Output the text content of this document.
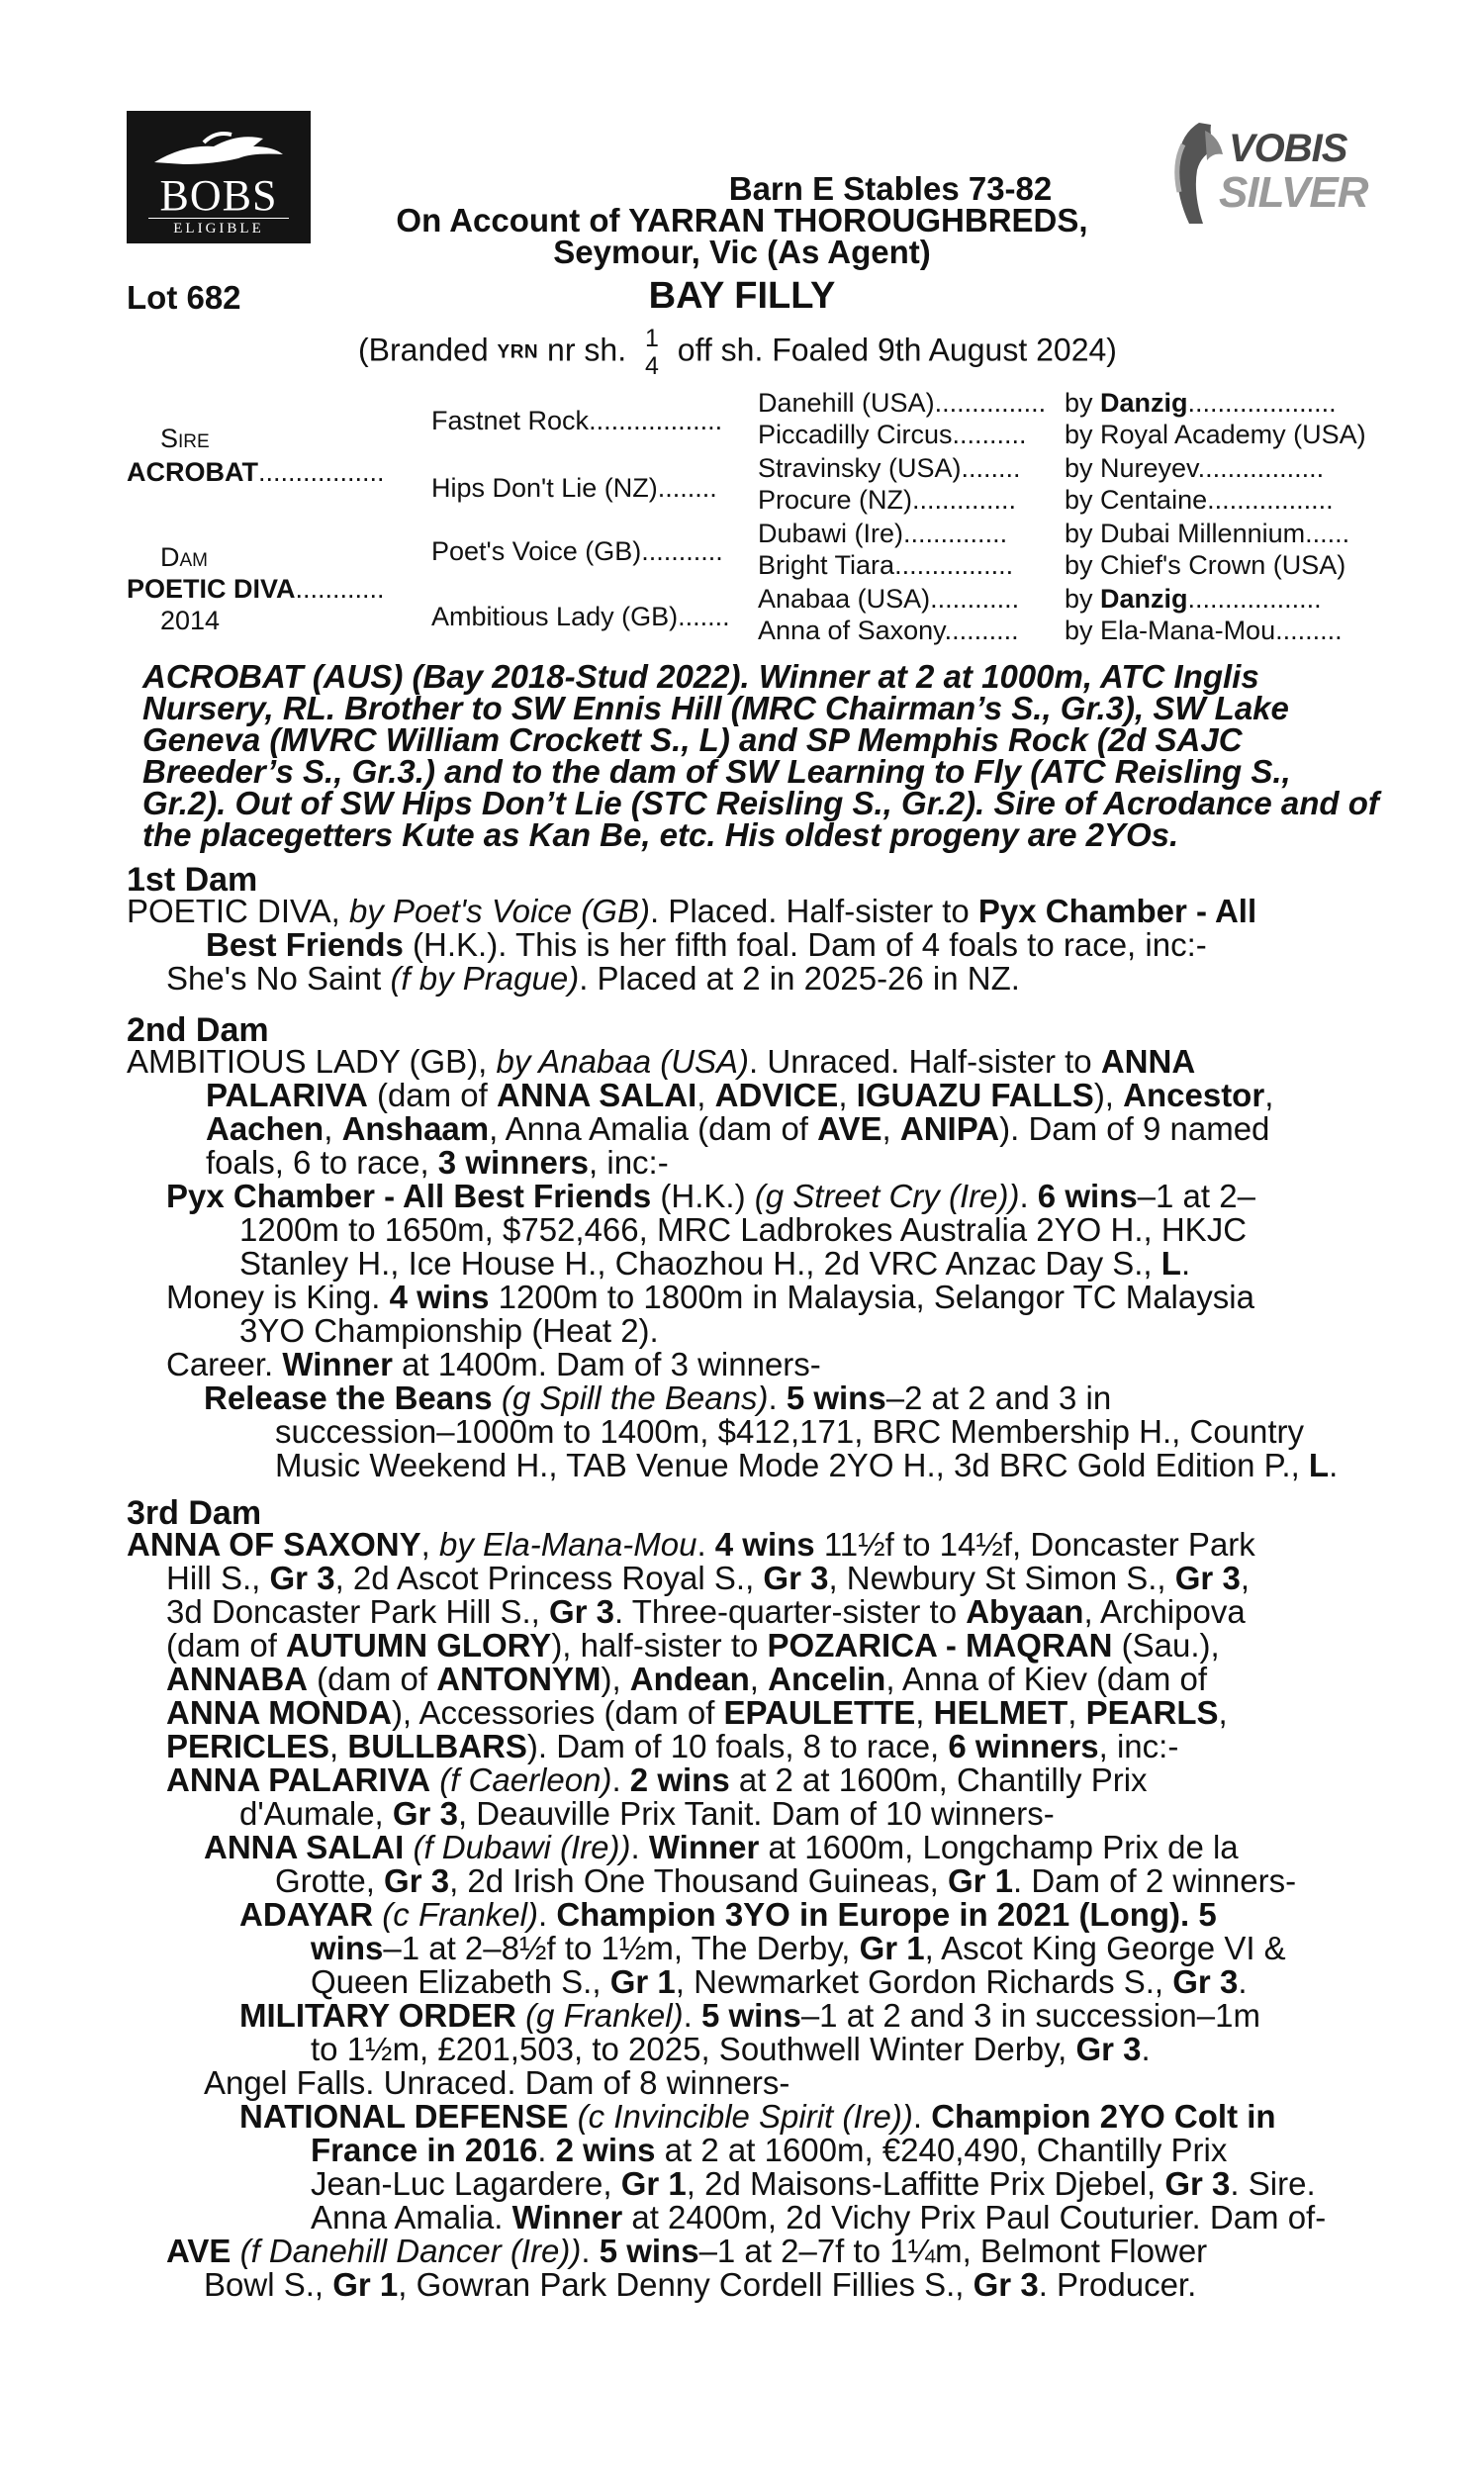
BOBS
ELIGIBLE
VOBIS
SILVER
Barn E Stables 73-82
On Account of YARRAN THOROUGHBREDS,
Seymour, Vic (As Agent)
Lot 682	BAY FILLY
(Branded YRN nr sh. 1
4 off sh. Foaled 9th August 2024)
Sire
ACROBAT.................
Dam
POETIC DIVA............
2014
Fastnet Rock..................
Hips Don't Lie (NZ)........
Poet's Voice (GB)...........
Ambitious Lady (GB).......
Danehill (USA)...............
Piccadilly Circus..........
Stravinsky (USA)........
Procure (NZ)..............
Dubawi (Ire)..............
Bright Tiara................
Anabaa (USA)............
Anna of Saxony..........
by Danzig....................
by Royal Academy (USA)
by Nureyev.................
by Centaine.................
by Dubai Millennium......
by Chief's Crown (USA)
by Danzig..................
by Ela-Mana-Mou.........
ACROBAT (AUS) (Bay 2018-Stud 2022). Winner at 2 at 1000m, ATC Inglis
Nursery, RL. Brother to SW Ennis Hill (MRC Chairman’s S., Gr.3), SW Lake
Geneva (MVRC William Crockett S., L) and SP Memphis Rock (2d SAJC
Breeder’s S., Gr.3.) and to the dam of SW Learning to Fly (ATC Reisling S.,
Gr.2). Out of SW Hips Don’t Lie (STC Reisling S., Gr.2). Sire of Acrodance and of
the placegetters Kute as Kan Be, etc. His oldest progeny are 2YOs.
1st Dam
POETIC DIVA, by Poet's Voice (GB). Placed. Half-sister to Pyx Chamber - All
Best Friends (H.K.). This is her fifth foal. Dam of 4 foals to race, inc:-
She's No Saint (f by Prague). Placed at 2 in 2025-26 in NZ.
2nd Dam
AMBITIOUS LADY (GB), by Anabaa (USA). Unraced. Half-sister to ANNA
PALARIVA (dam of ANNA SALAI, ADVICE, IGUAZU FALLS), Ancestor,
Aachen, Anshaam, Anna Amalia (dam of AVE, ANIPA). Dam of 9 named
foals, 6 to race, 3 winners, inc:-
Pyx Chamber - All Best Friends (H.K.) (g Street Cry (Ire)). 6 wins–1 at 2–
1200m to 1650m, $752,466, MRC Ladbrokes Australia 2YO H., HKJC
Stanley H., Ice House H., Chaozhou H., 2d VRC Anzac Day S., L.
Money is King. 4 wins 1200m to 1800m in Malaysia, Selangor TC Malaysia
3YO Championship (Heat 2).
Career. Winner at 1400m. Dam of 3 winners-
Release the Beans (g Spill the Beans). 5 wins–2 at 2 and 3 in
succession–1000m to 1400m, $412,171, BRC Membership H., Country
Music Weekend H., TAB Venue Mode 2YO H., 3d BRC Gold Edition P., L.
3rd Dam
ANNA OF SAXONY, by Ela-Mana-Mou. 4 wins 11½f to 14½f, Doncaster Park
Hill S., Gr 3, 2d Ascot Princess Royal S., Gr 3, Newbury St Simon S., Gr 3,
3d Doncaster Park Hill S., Gr 3. Three-quarter-sister to Abyaan, Archipova
(dam of AUTUMN GLORY), half-sister to POZARICA - MAQRAN (Sau.),
ANNABA (dam of ANTONYM), Andean, Ancelin, Anna of Kiev (dam of
ANNA MONDA), Accessories (dam of EPAULETTE, HELMET, PEARLS,
PERICLES, BULLBARS). Dam of 10 foals, 8 to race, 6 winners, inc:-
ANNA PALARIVA (f Caerleon). 2 wins at 2 at 1600m, Chantilly Prix
d'Aumale, Gr 3, Deauville Prix Tanit. Dam of 10 winners-
ANNA SALAI (f Dubawi (Ire)). Winner at 1600m, Longchamp Prix de la
Grotte, Gr 3, 2d Irish One Thousand Guineas, Gr 1. Dam of 2 winners-
ADAYAR (c Frankel). Champion 3YO in Europe in 2021 (Long). 5
wins–1 at 2–8½f to 1½m, The Derby, Gr 1, Ascot King George VI &
Queen Elizabeth S., Gr 1, Newmarket Gordon Richards S., Gr 3.
MILITARY ORDER (g Frankel). 5 wins–1 at 2 and 3 in succession–1m
to 1½m, £201,503, to 2025, Southwell Winter Derby, Gr 3.
Angel Falls. Unraced. Dam of 8 winners-
NATIONAL DEFENSE (c Invincible Spirit (Ire)). Champion 2YO Colt in
France in 2016. 2 wins at 2 at 1600m, €240,490, Chantilly Prix
Jean-Luc Lagardere, Gr 1, 2d Maisons-Laffitte Prix Djebel, Gr 3. Sire.
Anna Amalia. Winner at 2400m, 2d Vichy Prix Paul Couturier. Dam of-
AVE (f Danehill Dancer (Ire)). 5 wins–1 at 2–7f to 1¼m, Belmont Flower
Bowl S., Gr 1, Gowran Park Denny Cordell Fillies S., Gr 3. Producer.
